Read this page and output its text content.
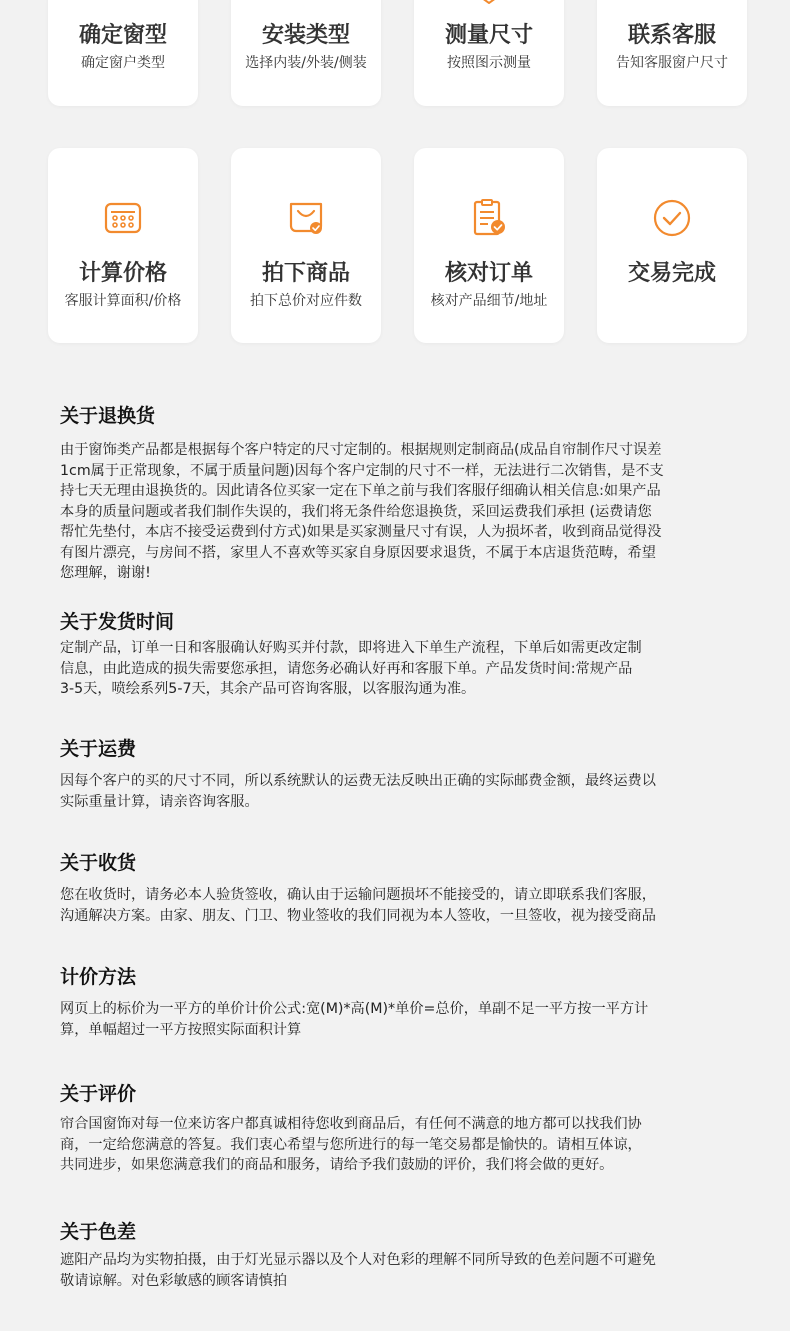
确定窗型
确定窗户类型
安装类型
选择内装/外装/侧装
测量尺寸
按照图示测量
联系客服
告知客服窗户尺寸
计算价格
客服计算面积/价格
拍下商品
拍下总价对应件数
核对订单
核对产品细节/地址
交易完成
关于退换货

由于窗饰类产品都是根据每个客户特定的尺寸定制的。根据规则定制商品(成品自帘制作尺寸误差
1cm属于正常现象，不属于质量问题)因每个客户定制的尺寸不一样，无法进行二次销售，是不支
持七天无理由退换货的。因此请各位买家一定在下单之前与我们客服仔细确认相关信息:如果产品
本身的质量问题或者我们制作失误的，我们将无条件给您退换货，采回运费我们承担 (运费请您
帮忙先垫付，本店不接受运费到付方式)如果是买家测量尺寸有误，人为损坏者，收到商品觉得没
有图片漂亮，与房间不搭，家里人不喜欢等买家自身原因要求退货，不属于本店退货范畴，希望
您理解，谢谢!

关于发货时间

定制产品，订单一日和客服确认好购买并付款，即将进入下单生产流程，下单后如需更改定制
信息，由此造成的损失需要您承担，请您务必确认好再和客服下单。产品发货时间:常规产品
3-5天，喷绘系列5-7天，其余产品可咨询客服，以客服沟通为准。

关于运费

因每个客户的买的尺寸不同，所以系统默认的运费无法反映出正确的实际邮费金额，最终运费以
实际重量计算，请亲咨询客服。

关于收货

您在收货时，请务必本人验货签收，确认由于运输问题损坏不能接受的，请立即联系我们客服，
沟通解决方案。由家、朋友、门卫、物业签收的我们同视为本人签收，一旦签收，视为接受商品

计价方法

网页上的标价为一平方的单价计价公式:宽(M)*高(M)*单价=总价，单副不足一平方按一平方计
算，单幅超过一平方按照实际面积计算

关于评价

帘合国窗饰对每一位来访客户都真诚相待您收到商品后，有任何不满意的地方都可以找我们协
商，一定给您满意的答复。我们衷心希望与您所进行的每一笔交易都是愉快的。请相互体谅，
共同进步，如果您满意我们的商品和服务，请给予我们鼓励的评价，我们将会做的更好。

关于色差

遮阳产品均为实物拍摄，由于灯光显示器以及个人对色彩的理解不同所导致的色差问题不可避免
敬请谅解。对色彩敏感的顾客请慎拍
